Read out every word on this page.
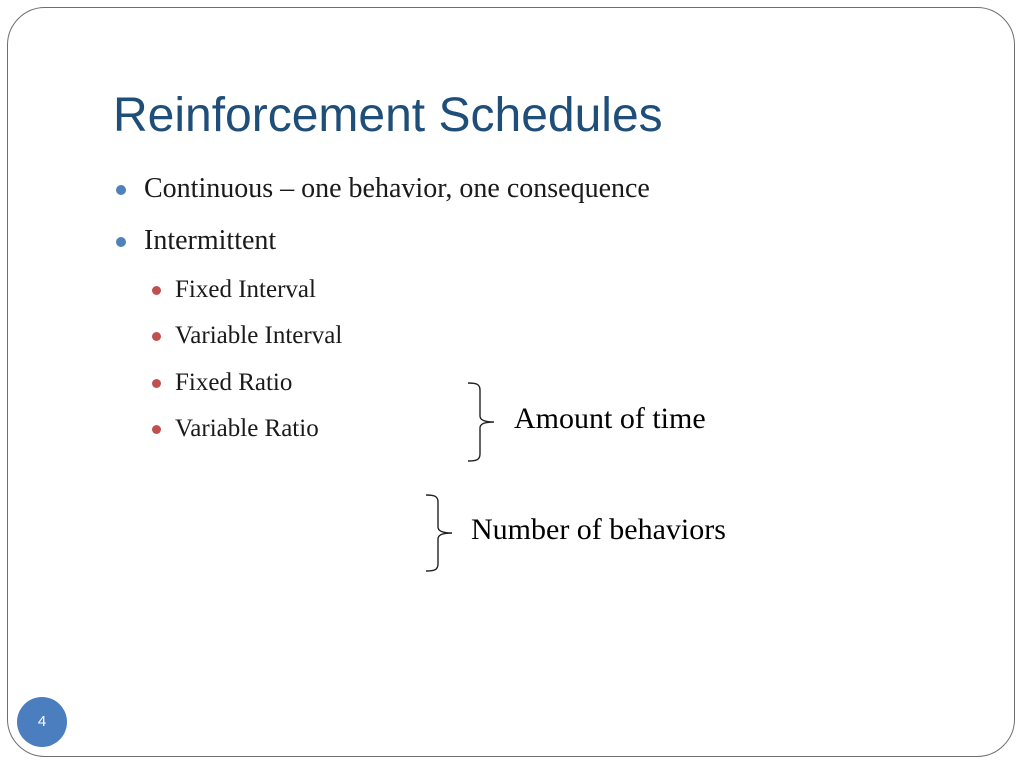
Reinforcement Schedules
Continuous – one behavior, one consequence
Intermittent
Fixed Interval
Variable Interval
Fixed Ratio
Variable Ratio	Amount of time
Number of behaviors
4
